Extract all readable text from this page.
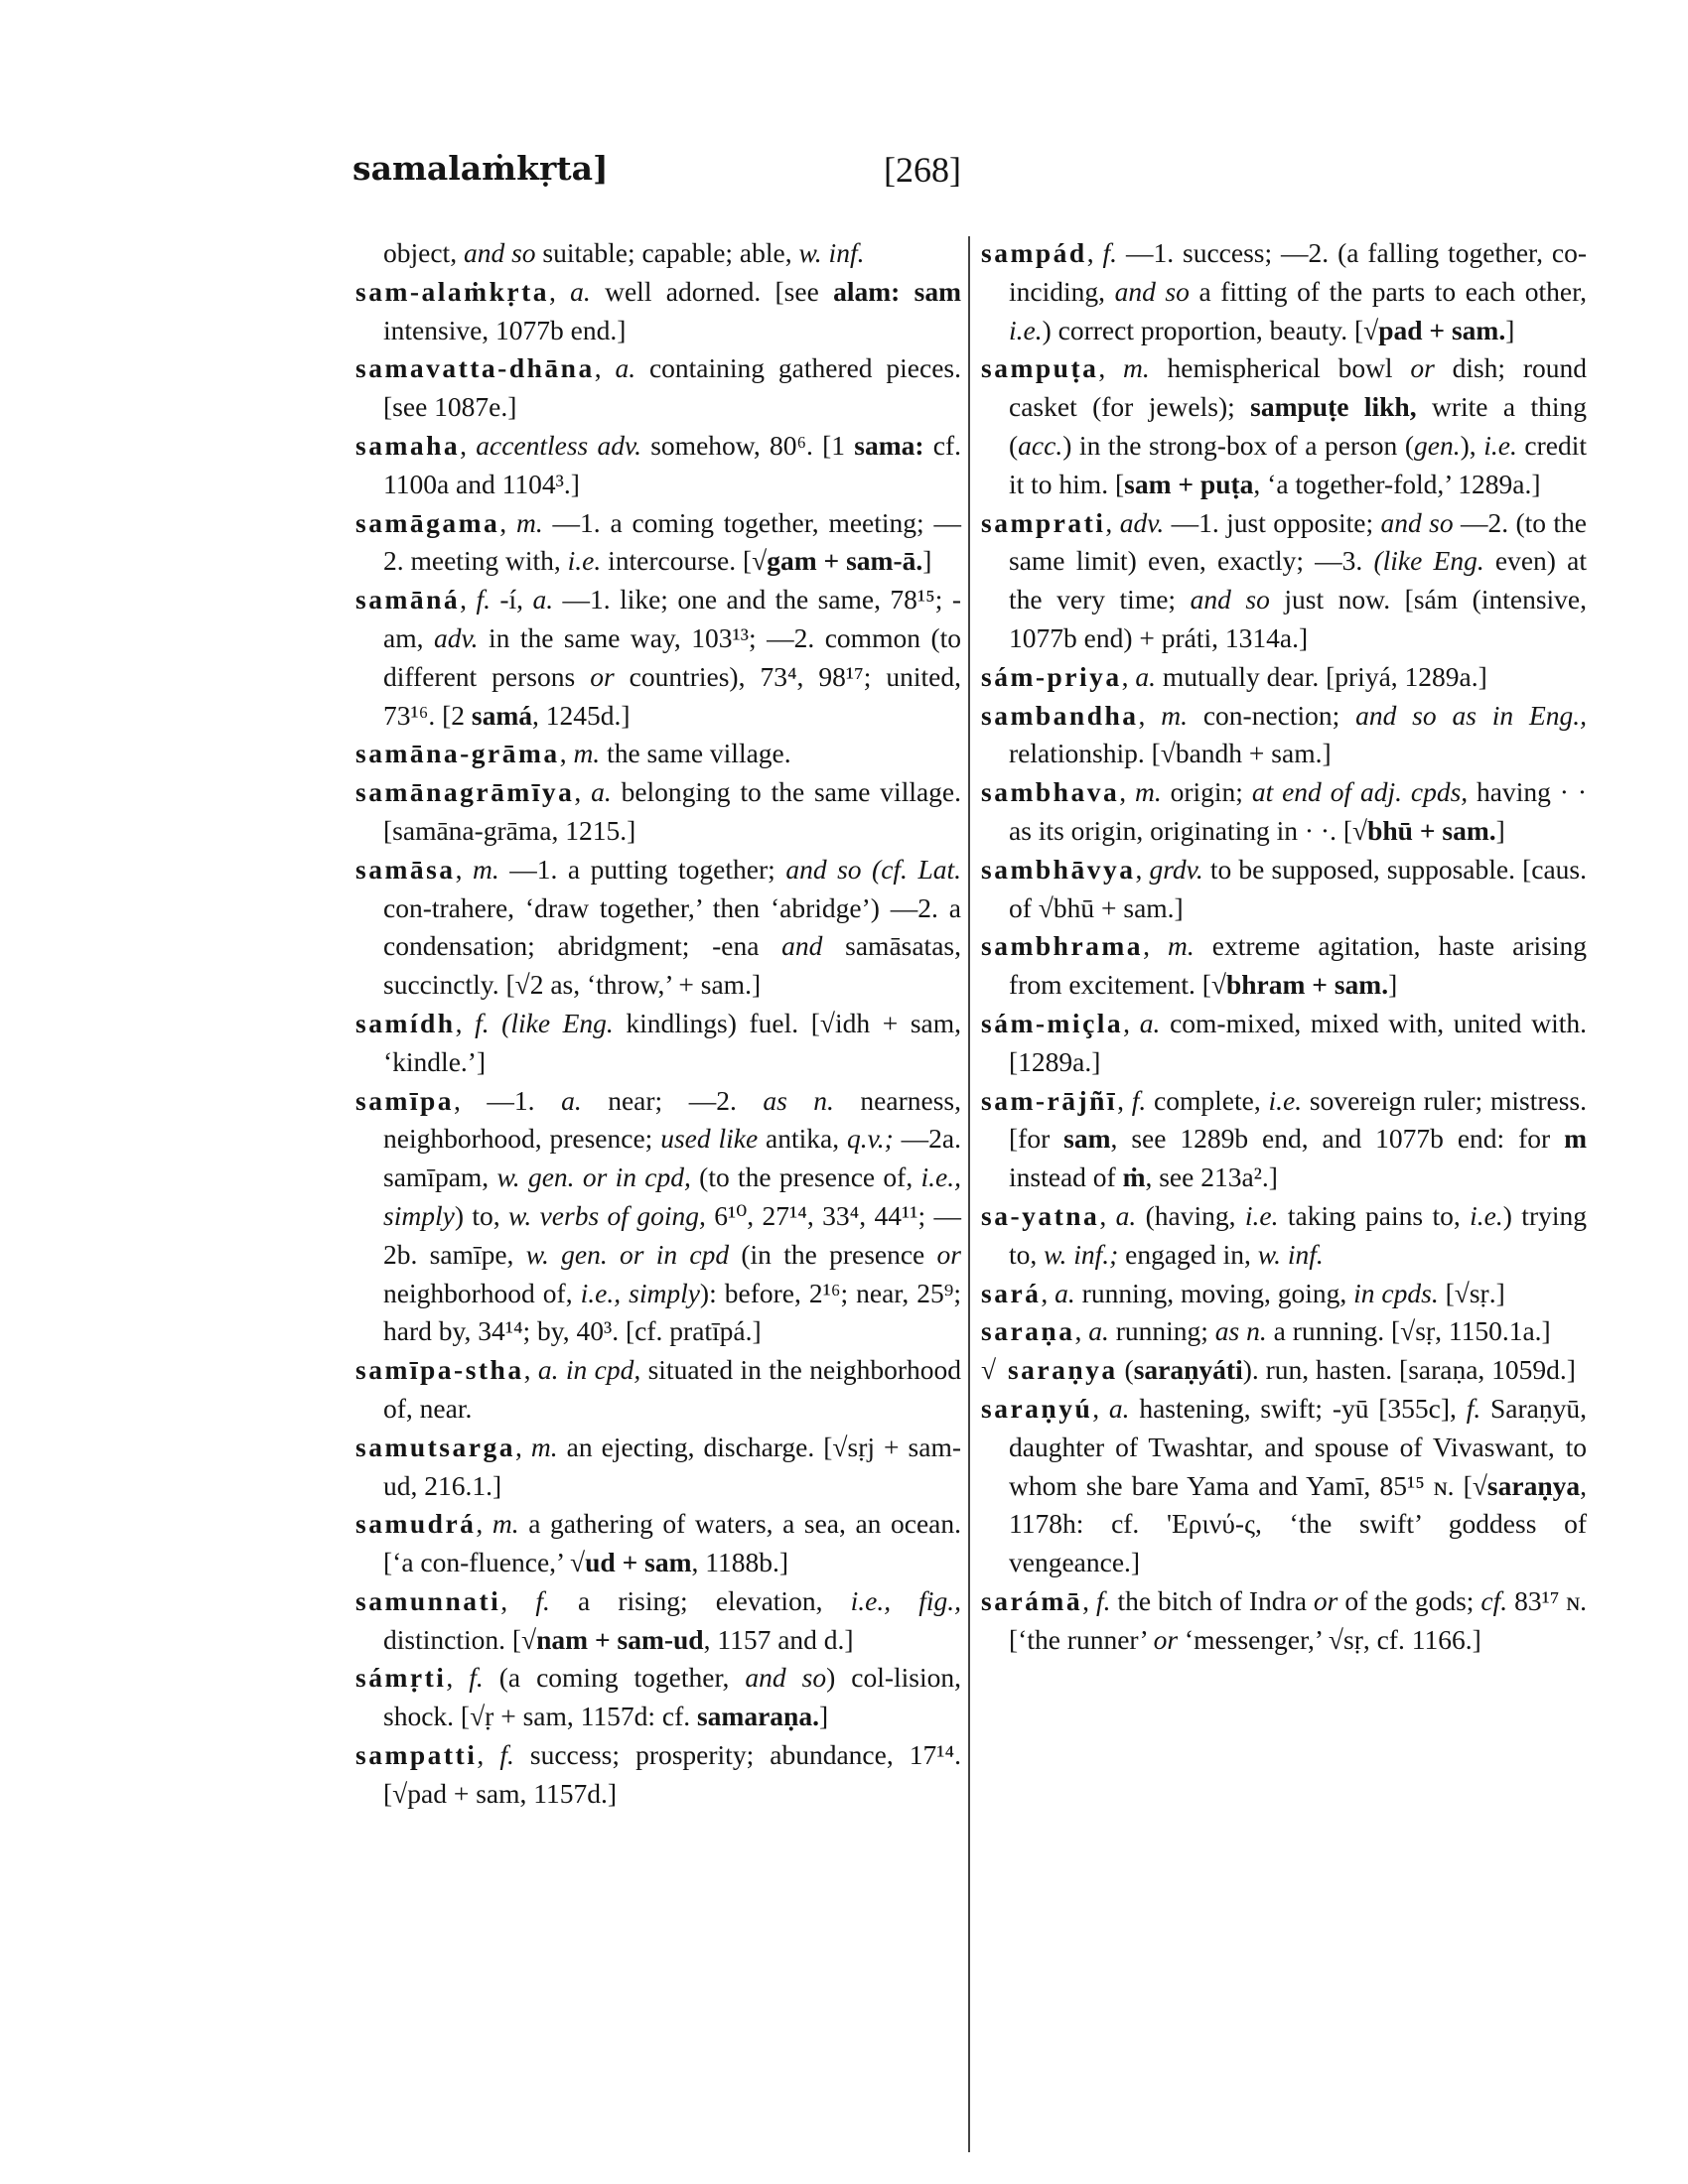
samalaṁkṛta]	[268]

object, and so suitable; capable; able, w. inf.

sam-alaṁkṛta, a. well adorned. [see alam: sam intensive, 1077b end.]

samavatta-dhāna, a. containing gathered pieces. [see 1087e.]

samaha, accentless adv. somehow, 80⁶. [1 sama: cf. 1100a and 1104³.]

samāgama, m. —1. a coming together, meeting; —2. meeting with, i.e. intercourse. [√gam + sam-ā.]

samāná, f. -í, a. —1. like; one and the same, 78¹⁵; -am, adv. in the same way, 103¹³; —2. common (to different persons or countries), 73⁴, 98¹⁷; united, 73¹⁶. [2 samá, 1245d.]

samāna-grāma, m. the same village.

samānagrāmīya, a. belonging to the same village. [samāna-grāma, 1215.]

samāsa, m. —1. a putting together; and so (cf. Lat. con-trahere, ‘draw together,’ then ‘abridge’) —2. a condensation; abridgment; -ena and samāsatas, succinctly. [√2 as, ‘throw,’ + sam.]

samídh, f. (like Eng. kindlings) fuel. [√idh + sam, ‘kindle.’]

samīpa, —1. a. near; —2. as n. nearness, neighborhood, presence; used like antika, q.v.; —2a. samīpam, w. gen. or in cpd, (to the presence of, i.e., simply) to, w. verbs of going, 6¹⁰, 27¹⁴, 33⁴, 44¹¹; —2b. samīpe, w. gen. or in cpd (in the presence or neighborhood of, i.e., simply): before, 2¹⁶; near, 25⁹; hard by, 34¹⁴; by, 40³. [cf. pratīpá.]

samīpa-stha, a. in cpd, situated in the neighborhood of, near.

samutsarga, m. an ejecting, discharge. [√sṛj + sam-ud, 216.1.]

samudrá, m. a gathering of waters, a sea, an ocean. [‘a con-fluence,’ √ud + sam, 1188b.]

samunnati, f. a rising; elevation, i.e., fig., distinction. [√nam + sam-ud, 1157 and d.]

sámṛti, f. (a coming together, and so) col-lision, shock. [√ṛ + sam, 1157d: cf. samaraṇa.]

sampatti, f. success; prosperity; abundance, 17¹⁴. [√pad + sam, 1157d.]

sampád, f. —1. success; —2. (a falling together, co-inciding, and so a fitting of the parts to each other, i.e.) correct proportion, beauty. [√pad + sam.]

sampuṭa, m. hemispherical bowl or dish; round casket (for jewels); sampuṭe likh, write a thing (acc.) in the strong-box of a person (gen.), i.e. credit it to him. [sam + puṭa, ‘a together-fold,’ 1289a.]

samprati, adv. —1. just opposite; and so —2. (to the same limit) even, exactly; —3. (like Eng. even) at the very time; and so just now. [sám (intensive, 1077b end) + práti, 1314a.]

sám-priya, a. mutually dear. [priyá, 1289a.]

sambandha, m. con-nection; and so as in Eng., relationship. [√bandh + sam.]

sambhava, m. origin; at end of adj. cpds, having · · as its origin, originating in · ·. [√bhū + sam.]

sambhāvya, grdv. to be supposed, supposable. [caus. of √bhū + sam.]

sambhrama, m. extreme agitation, haste arising from excitement. [√bhram + sam.]

sám-miçla, a. com-mixed, mixed with, united with. [1289a.]

sam-rājñī, f. complete, i.e. sovereign ruler; mistress. [for sam, see 1289b end, and 1077b end: for m instead of ṁ, see 213a².]

sa-yatna, a. (having, i.e. taking pains to, i.e.) trying to, w. inf.; engaged in, w. inf.

sará, a. running, moving, going, in cpds. [√sṛ.]

saraṇa, a. running; as n. a running. [√sṛ, 1150.1a.]

√ saraṇya (saraṇyáti). run, hasten. [saraṇa, 1059d.]

saraṇyú, a. hastening, swift; -yū [355c], f. Saraṇyū, daughter of Twashtar, and spouse of Vivaswant, to whom she bare Yama and Yamī, 85¹⁵ ɴ. [√saraṇya, 1178h: cf. 'Ερινύ-ς, ‘the swift’ goddess of vengeance.]

sarámā, f. the bitch of Indra or of the gods; cf. 83¹⁷ ɴ. [‘the runner’ or ‘messenger,’ √sṛ, cf. 1166.]
